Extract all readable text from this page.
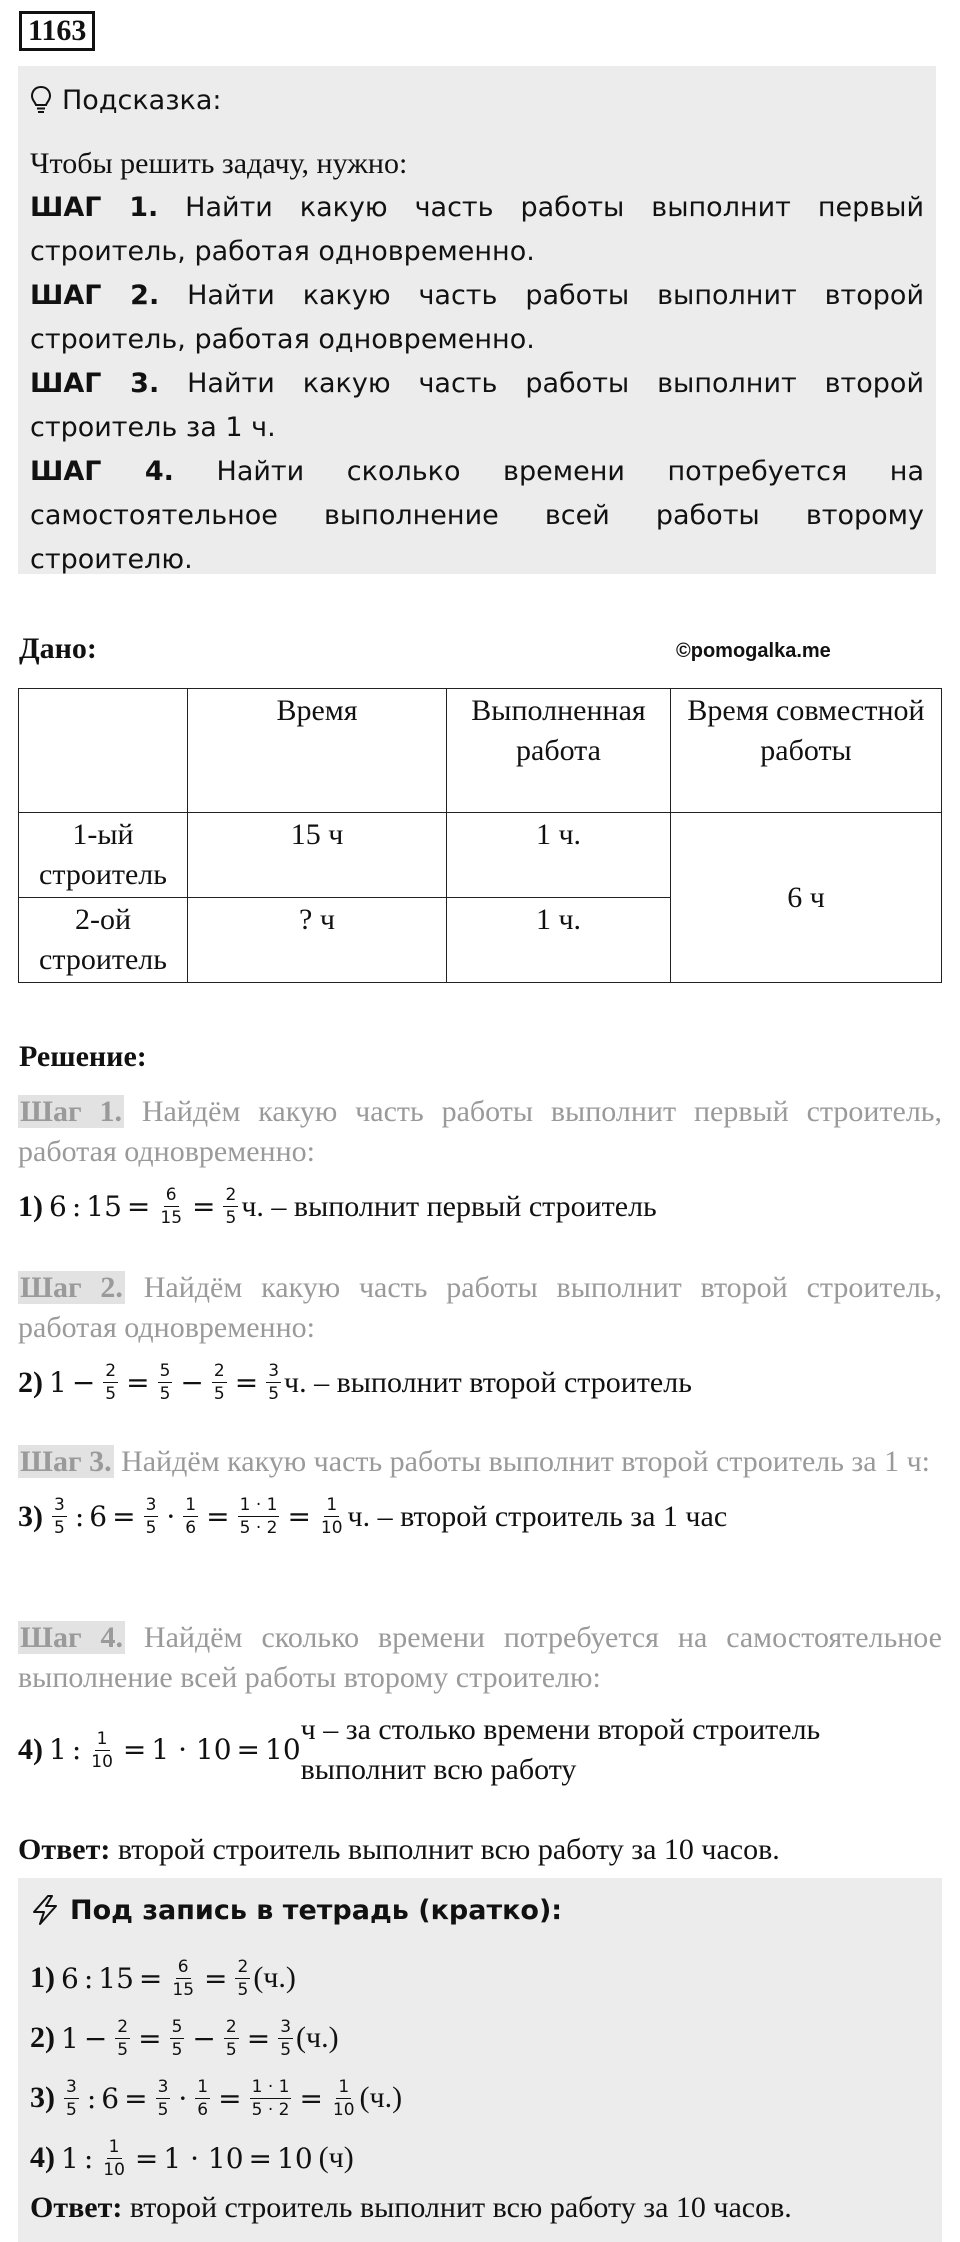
1163
Подсказка:
Чтобы решить задачу, нужно:
ШАГ 1. Найти какую часть работы выполнит первый строитель, работая одновременно.
ШАГ 2. Найти какую часть работы выполнит второй строитель, работая одновременно.
ШАГ 3. Найти какую часть работы выполнит второй строитель за 1 ч.
ШАГ 4. Найти сколько времени потребуется на самостоятельное выполнение всей работы второму строителю.
Дано:	©pomogalka.me
	Время	Выполненная работа	Время совместной работы
1-ый строитель	15 ч	1 ч.	6 ч
2-ой строитель	? ч	1 ч.	
Решение:
Шаг 1. Найдём какую часть работы выполнит первый строитель, работая одновременно:
1) 6 : $15 = \frac{6}{15} = \frac{2}{5} ч$. – выполнит первый строитель
Шаг 2. Найдём какую часть работы выполнит второй строитель, работая одновременно:
2) $1 - \frac{2}{5} = \frac{5}{5} - \frac{2}{5} = \frac{3}{5} ч$. – выполнит второй строитель
Шаг 3. Найдём какую часть работы выполнит второй строитель за 1 ч:
$3) \frac{3}{5}$ : $6 = \frac{3}{5} \cdot \frac{1}{6} = \frac{1 \cdot 1}{5 \cdot 2} = \frac{1}{10} ч$. – второй строитель за 1 час
Шаг 4. Найдём сколько времени потребуется на самостоятельное выполнение всей работы второму строителю:
4) 1 : $\frac{1}{10} = 1 \cdot 10 = 10$
ч – за столько времени второй строитель выполнит всю работу
Ответ: второй строитель выполнит всю работу за 10 часов.
Под запись в тетрадь (кратко):
1) 6 : $15 = \frac{6}{15} = \frac{2}{5} (ч.)$
2) $1 - \frac{2}{5} = \frac{5}{5} - \frac{2}{5} = \frac{3}{5} (ч.)$
$3) \frac{3}{5}$ : $6 = \frac{3}{5} \cdot \frac{1}{6} = \frac{1 \cdot 1}{5 \cdot 2} = \frac{1}{10} (ч.)$
4) 1 : $\frac{1}{10} = 1 \cdot 10 = 10$ (ч)
Ответ: второй строитель выполнит всю работу за 10 часов.
